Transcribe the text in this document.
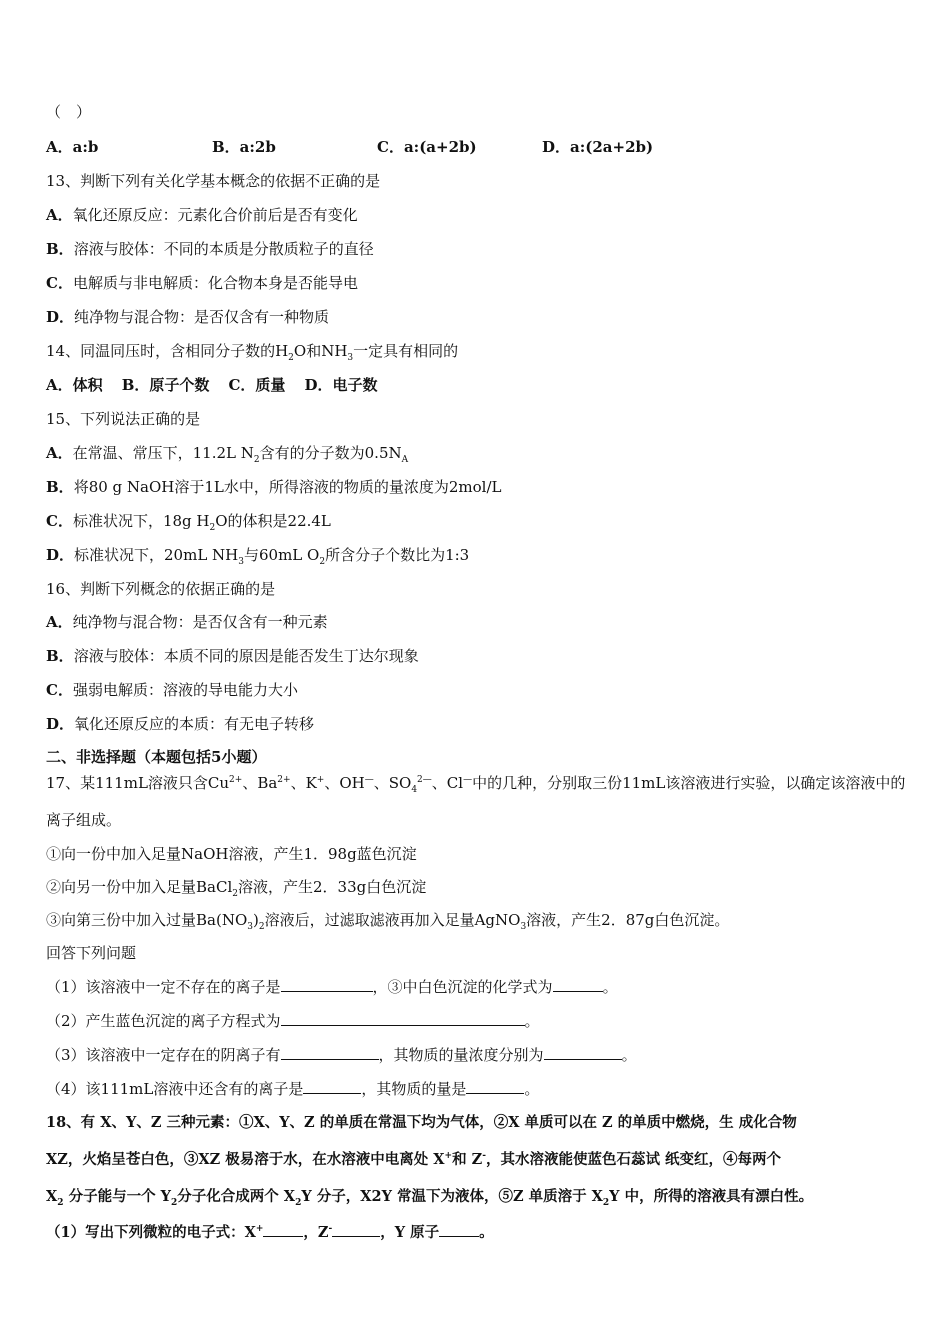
（　）
A．a:b	B．a:2b	C．a:(a+2b)	D．a:(2a+2b)
13、判断下列有关化学基本概念的依据不正确的是
A．氧化还原反应：元素化合价前后是否有变化
B．溶液与胶体：不同的本质是分散质粒子的直径
C．电解质与非电解质：化合物本身是否能导电
D．纯净物与混合物：是否仅含有一种物质
14、同温同压时，含相同分子数的$H_2O$和$NH_3$一定具有相同的
A．体积 B．原子个数 C．质量 D．电子数
15、下列说法正确的是
A．在常温、常压下，11.2L $N_2$含有的分子数为$0.5N_A$
B．将80 g NaOH溶于1L水中，所得溶液的物质的量浓度为2mol/L
C．标准状况下，18g $H_2O$的体积是22.4L
D．标准状况下，20mL $NH_3$与60mL $O_2$所含分子个数比为1:3
16、判断下列概念的依据正确的是
A．纯净物与混合物：是否仅含有一种元素
B．溶液与胶体：本质不同的原因是能否发生丁达尔现象
C．强弱电解质：溶液的导电能力大小
D．氧化还原反应的本质：有无电子转移
二、非选择题（本题包括5小题）
17、某111mL溶液只含$Cu^{2+}$、$Ba^{2+}$、K+、OH—、$SO_4^{2—}$、Cl—中的几种，分别取三份11mL该溶液进行实验，以确定该溶液中的
离子组成。
①向一份中加入足量NaOH溶液，产生1．98g蓝色沉淀
②向另一份中加入足量BaCl$_2$溶液，产生2．33g白色沉淀
③向第三份中加入过量$Ba(NO_3)_2$溶液后，过滤取滤液再加入足量AgNO$_3$溶液，产生2．87g白色沉淀。
回答下列问题
（1）该溶液中一定不存在的离子是	，③中白色沉淀的化学式为	。
（2）产生蓝色沉淀的离子方程式为	。
（3）该溶液中一定存在的阴离子有	，其物质的量浓度分别为	。
（4）该111mL溶液中还含有的离子是	，其物质的量是	。
18、有 X、Y、Z 三种元素：①X、Y、Z 的单质在常温下均为气体，②X 单质可以在 Z 的单质中燃烧，生 成化合物
XZ，火焰呈苍白色，③XZ 极易溶于水，在水溶液中电离处 X+和 Z-，其水溶液能使蓝色石蕊试 纸变红，④每两个
$X_2$ 分子能与一个 $Y_2$分子化合成两个 $X_2Y$ 分子，X2Y 常温下为液体，⑤Z 单质溶于 $X_2Y$ 中，所得的溶液具有漂白性。
（1）写出下列微粒的电子式：X+	，Z-	，Y 原子	。
